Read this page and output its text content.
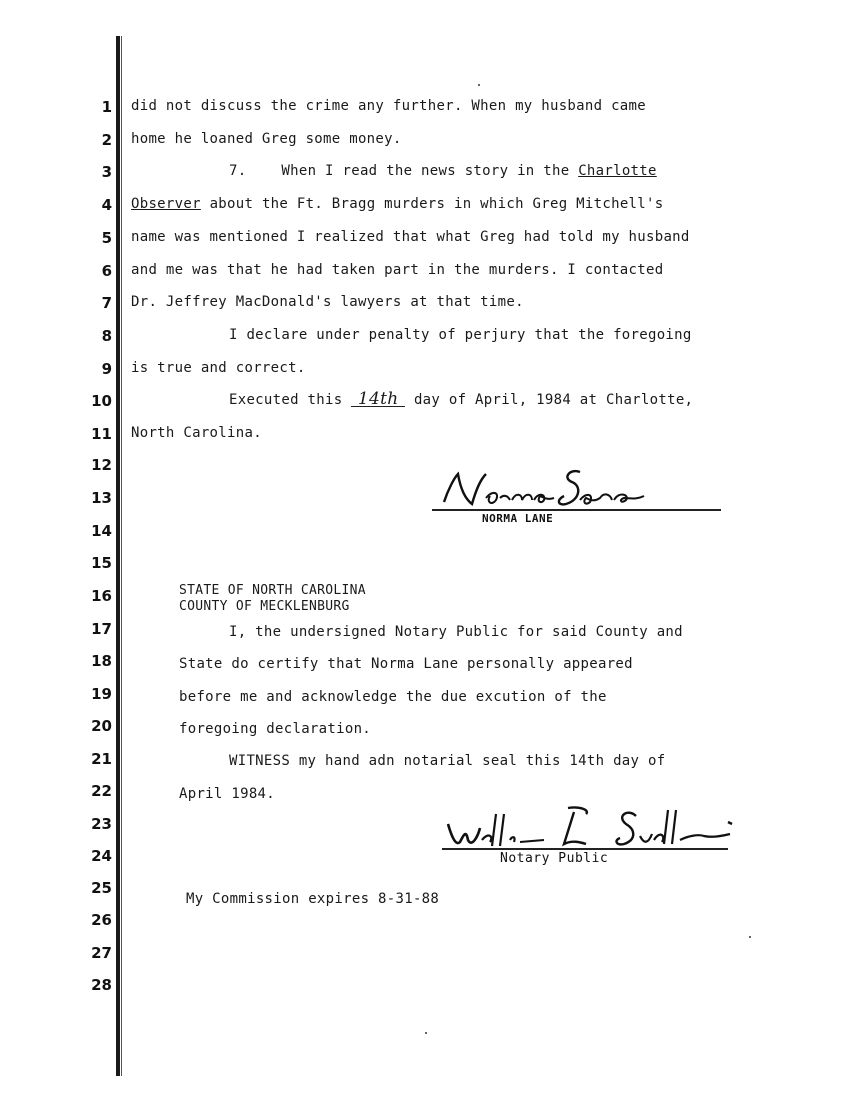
1
2
3
4
5
6
7
8
9
10
11
12
13
14
15
16
17
18
19
20
21
22
23
24
25
26
27
28
did not discuss the crime any further. When my husband came
home he loaned Greg some money.
7. When I read the news story in the Charlotte
Observer about the Ft. Bragg murders in which Greg Mitchell's
name was mentioned I realized that what Greg had told my husband
and me was that he had taken part in the murders. I contacted
Dr. Jeffrey MacDonald's lawyers at that time.
I declare under penalty of perjury that the foregoing
is true and correct.
Executed this 14th day of April, 1984 at Charlotte,
North Carolina.
NORMA LANE
STATE OF NORTH CAROLINA
COUNTY OF MECKLENBURG
I, the undersigned Notary Public for said County and
State do certify that Norma Lane personally appeared
before me and acknowledge the due excution of the
foregoing declaration.
WITNESS my hand adn notarial seal this 14th day of
April 1984.
Notary Public
My Commission expires 8-31-88
